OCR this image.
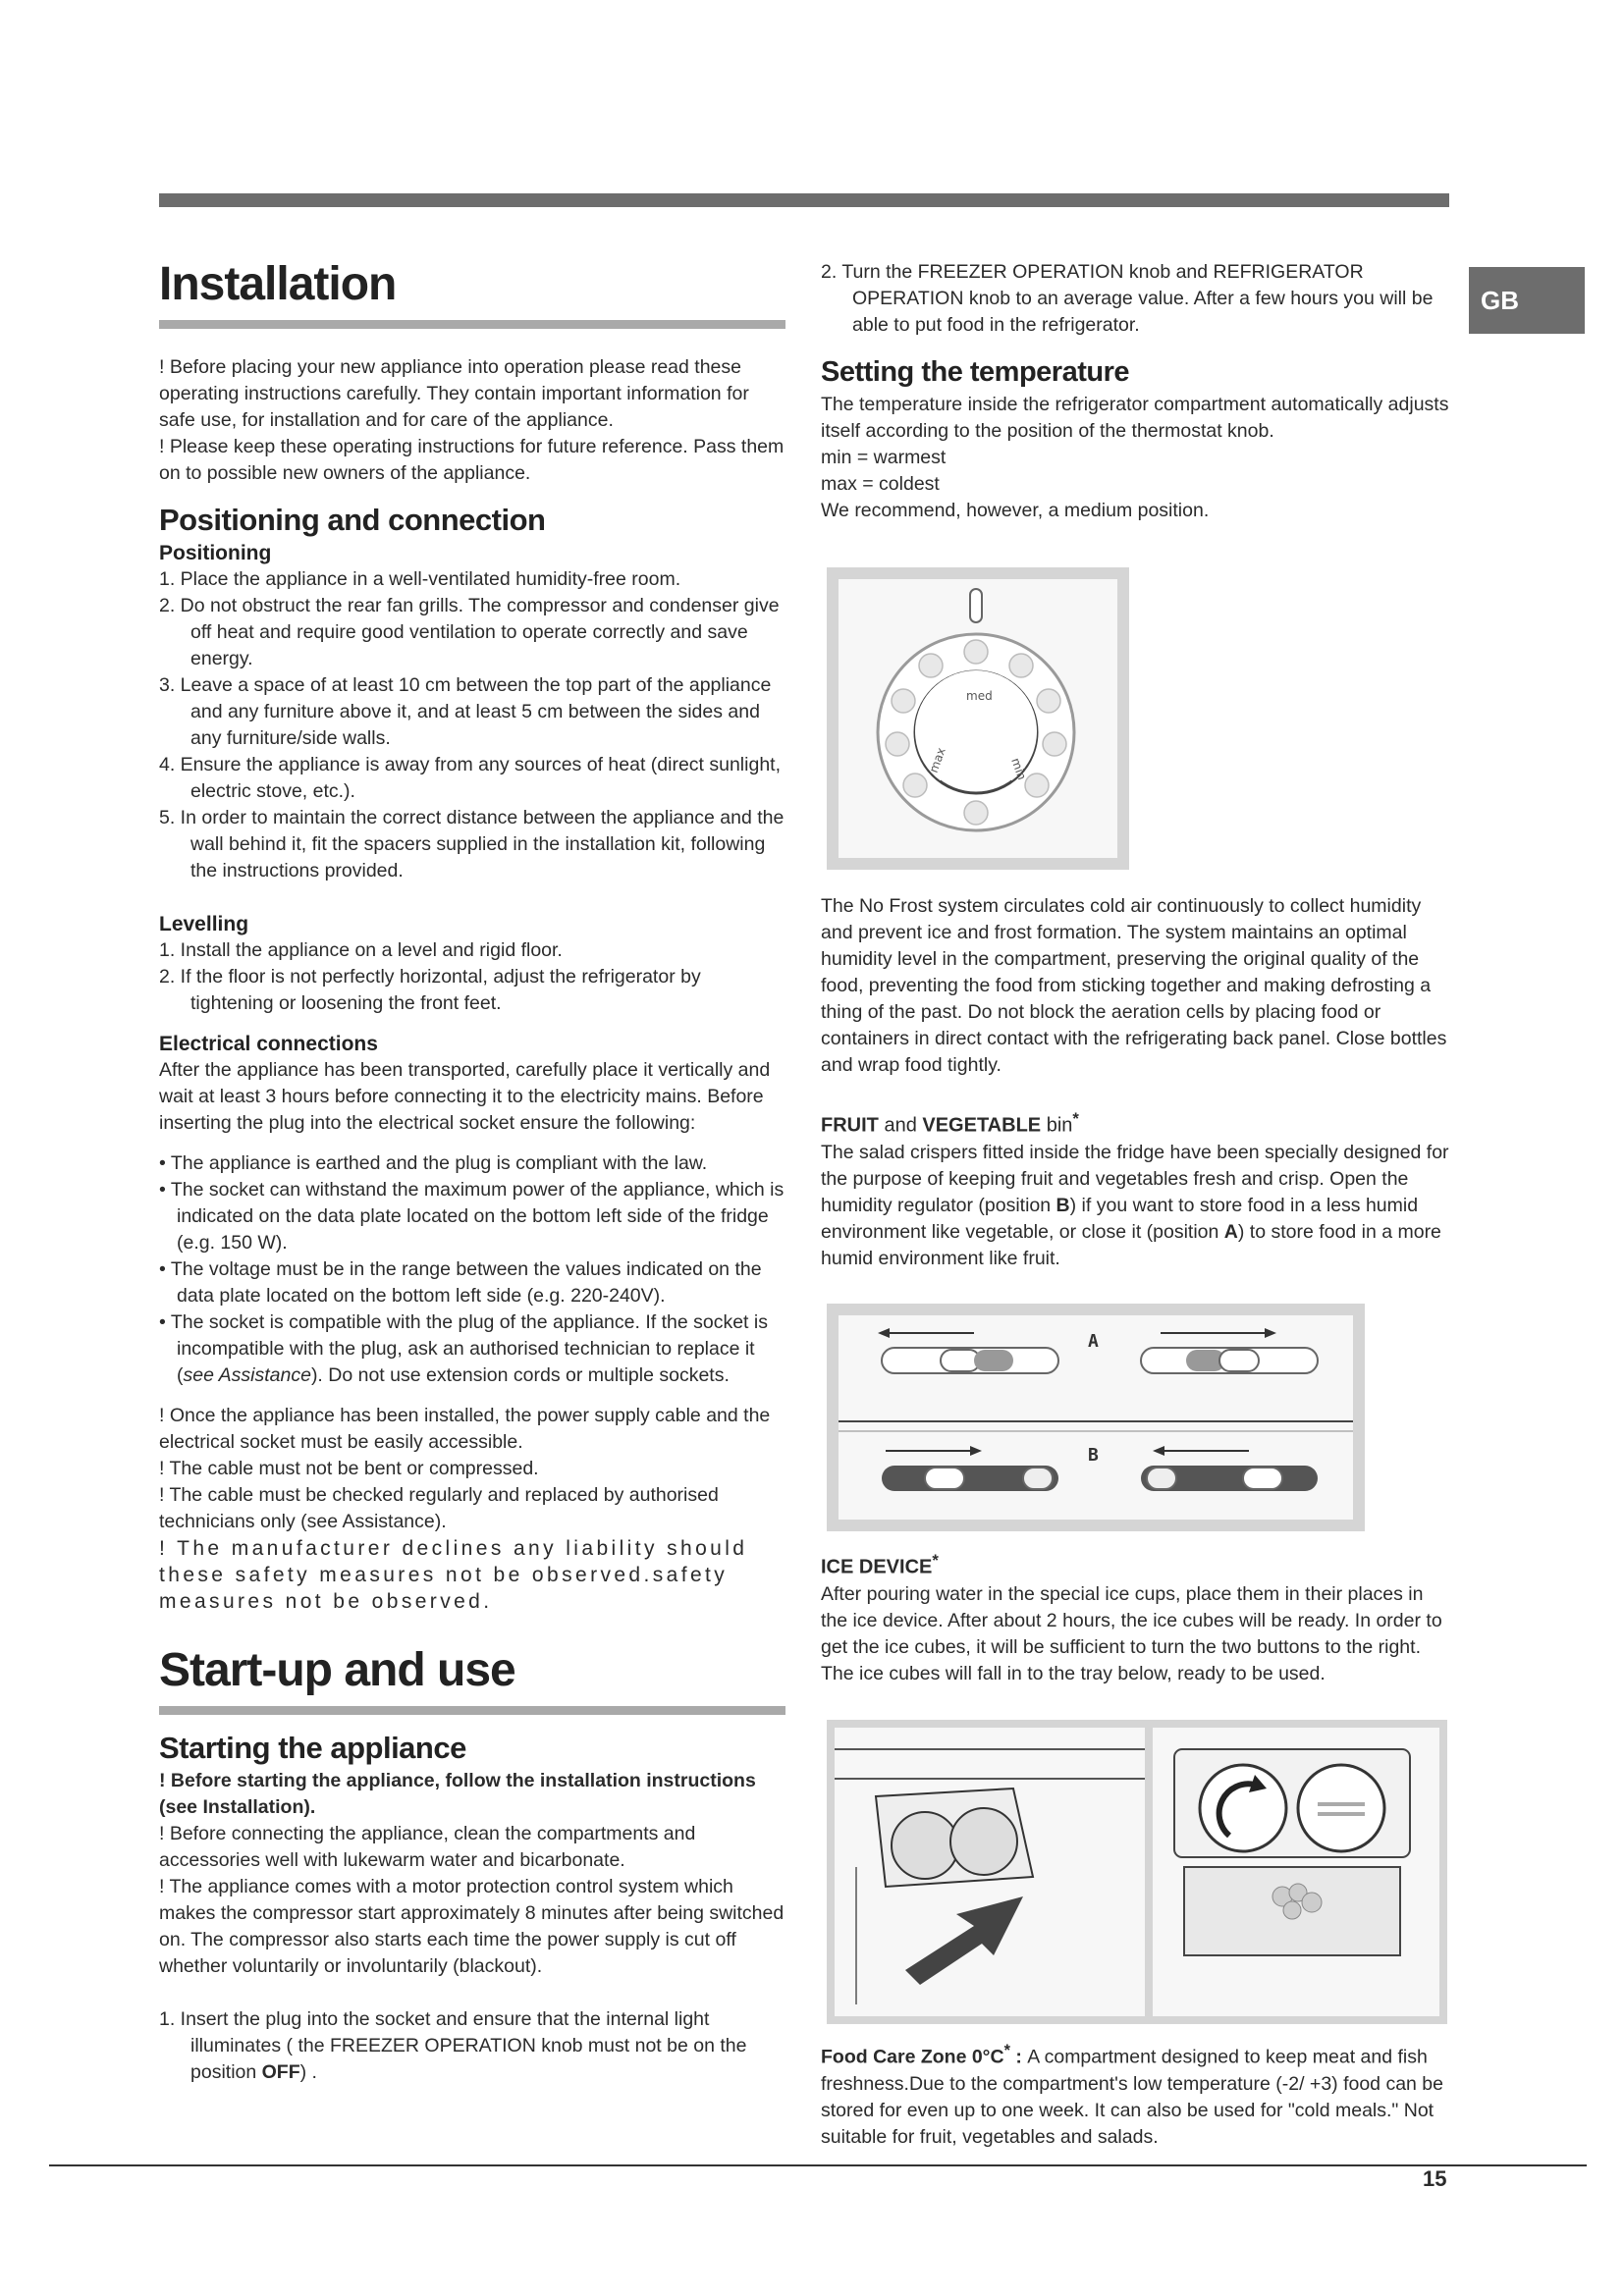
GB
Installation

! Before placing your new appliance into operation please read these operating instructions carefully. They contain important information for safe use, for installation and for care of the appliance.

! Please keep these operating instructions for future reference. Pass them on to possible new owners of the appliance.

Positioning and connection
Positioning

1. Place the appliance in a well-ventilated humidity-free room.

2. Do not obstruct the rear fan grills. The compressor and condenser give off heat and require good ventilation to operate correctly and save energy.

3. Leave a space of at least 10 cm between the top part of the appliance and any furniture above it, and at least 5 cm between the sides and any furniture/side walls.

4. Ensure the appliance is away from any sources of heat (direct sunlight, electric stove, etc.).

5. In order to maintain the correct distance between the appliance and the wall behind it, fit the spacers supplied in the installation kit, following the instructions provided.

Levelling

1. Install the appliance on a level and rigid floor.

2. If the floor is not perfectly horizontal, adjust the refrigerator by tightening or loosening the front feet.

Electrical connections

After the appliance has been transported, carefully place it vertically and wait at least 3 hours before connecting it to the electricity mains. Before inserting the plug into the electrical socket ensure the following:

• The appliance is earthed and the plug is compliant with the law.

• The socket can withstand the maximum power of the appliance, which is indicated on the data plate located on the bottom left side of the fridge (e.g. 150 W).

• The voltage must be in the range between the values indicated on the data plate located on the bottom left side (e.g. 220-240V).

• The socket is compatible with the plug of the appliance. If the socket is incompatible with the plug, ask an authorised technician to replace it (see Assistance). Do not use extension cords or multiple sockets.

! Once the appliance has been installed, the power supply cable and the electrical socket must be easily accessible.

! The cable must not be bent or compressed.

! The cable must be checked regularly and replaced by authorised technicians only (see Assistance).

! The manufacturer declines any liability should these safety measures not be observed.safety measures not be observed.

Start-up and use
Starting the appliance

! Before starting the appliance, follow the installation instructions (see Installation).

! Before connecting the appliance, clean the compartments and accessories well with lukewarm water and bicarbonate.

! The appliance comes with a motor protection control system which makes the compressor start approximately 8 minutes after being switched on. The compressor also starts each time the power supply is cut off whether voluntarily or involuntarily (blackout).

1. Insert the plug into the socket and ensure that the internal light illuminates ( the FREEZER OPERATION knob must not be on the position OFF) .

2. Turn the FREEZER OPERATION knob and REFRIGERATOR OPERATION knob to an average value. After a few hours you will be able to put food in the refrigerator.

Setting the temperature

The temperature inside the refrigerator compartment automatically adjusts itself according to the position of the thermostat knob.

min = warmest

max = coldest

We recommend, however, a medium position.

med
max	min

The No Frost system circulates cold air continuously to collect humidity and prevent ice and frost formation. The system maintains an optimal humidity level in the compartment, preserving the original quality of the food, preventing the food from sticking together and making defrosting a thing of the past. Do not block the aeration cells by placing food or containers in direct contact with the refrigerating back panel. Close bottles and wrap food tightly.

FRUIT and VEGETABLE bin*

The salad crispers fitted inside the fridge have been specially designed for the purpose of keeping fruit and vegetables fresh and crisp. Open the humidity regulator (position B) if you want to store food in a less humid environment like vegetable, or close it (position A) to store food in a more humid environment like fruit.

A
B

ICE DEVICE*

After pouring water in the special ice cups, place them in their places in the ice device. After about 2 hours, the ice cubes will be ready. In order to get the ice cubes, it will be sufficient to turn the two buttons to the right. The ice cubes will fall in to the tray below, ready to be used.

Food Care Zone 0°C* : A compartment designed to keep meat and fish freshness.Due to the compartment's low temperature (-2/ +3) food can be stored for even up to one week. It can also be used for "cold meals." Not suitable for fruit, vegetables and salads.

15
